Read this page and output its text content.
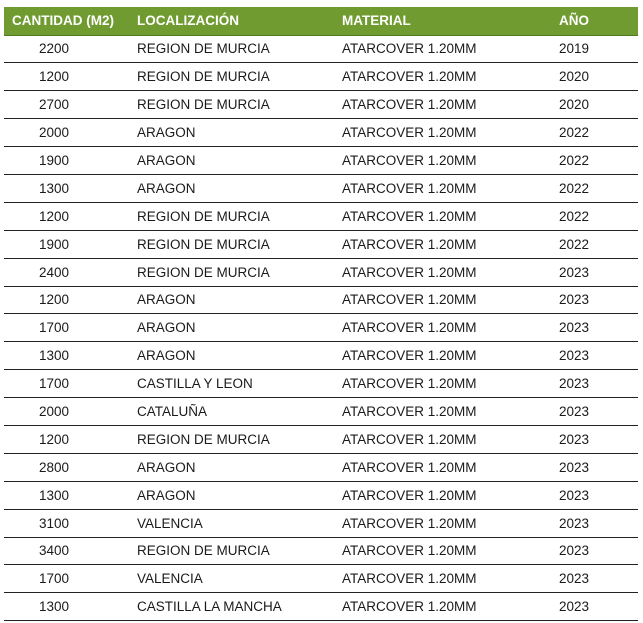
CANTIDAD (M2)	LOCALIZACIÓN	MATERIAL	AÑO
2200	REGION DE MURCIA	ATARCOVER 1.20MM	2019
1200	REGION DE MURCIA	ATARCOVER 1.20MM	2020
2700	REGION DE MURCIA	ATARCOVER 1.20MM	2020
2000	ARAGON	ATARCOVER 1.20MM	2022
1900	ARAGON	ATARCOVER 1.20MM	2022
1300	ARAGON	ATARCOVER 1.20MM	2022
1200	REGION DE MURCIA	ATARCOVER 1.20MM	2022
1900	REGION DE MURCIA	ATARCOVER 1.20MM	2022
2400	REGION DE MURCIA	ATARCOVER 1.20MM	2023
1200	ARAGON	ATARCOVER 1.20MM	2023
1700	ARAGON	ATARCOVER 1.20MM	2023
1300	ARAGON	ATARCOVER 1.20MM	2023
1700	CASTILLA Y LEON	ATARCOVER 1.20MM	2023
2000	CATALUÑA	ATARCOVER 1.20MM	2023
1200	REGION DE MURCIA	ATARCOVER 1.20MM	2023
2800	ARAGON	ATARCOVER 1.20MM	2023
1300	ARAGON	ATARCOVER 1.20MM	2023
3100	VALENCIA	ATARCOVER 1.20MM	2023
3400	REGION DE MURCIA	ATARCOVER 1.20MM	2023
1700	VALENCIA	ATARCOVER 1.20MM	2023
1300	CASTILLA LA MANCHA	ATARCOVER 1.20MM	2023
